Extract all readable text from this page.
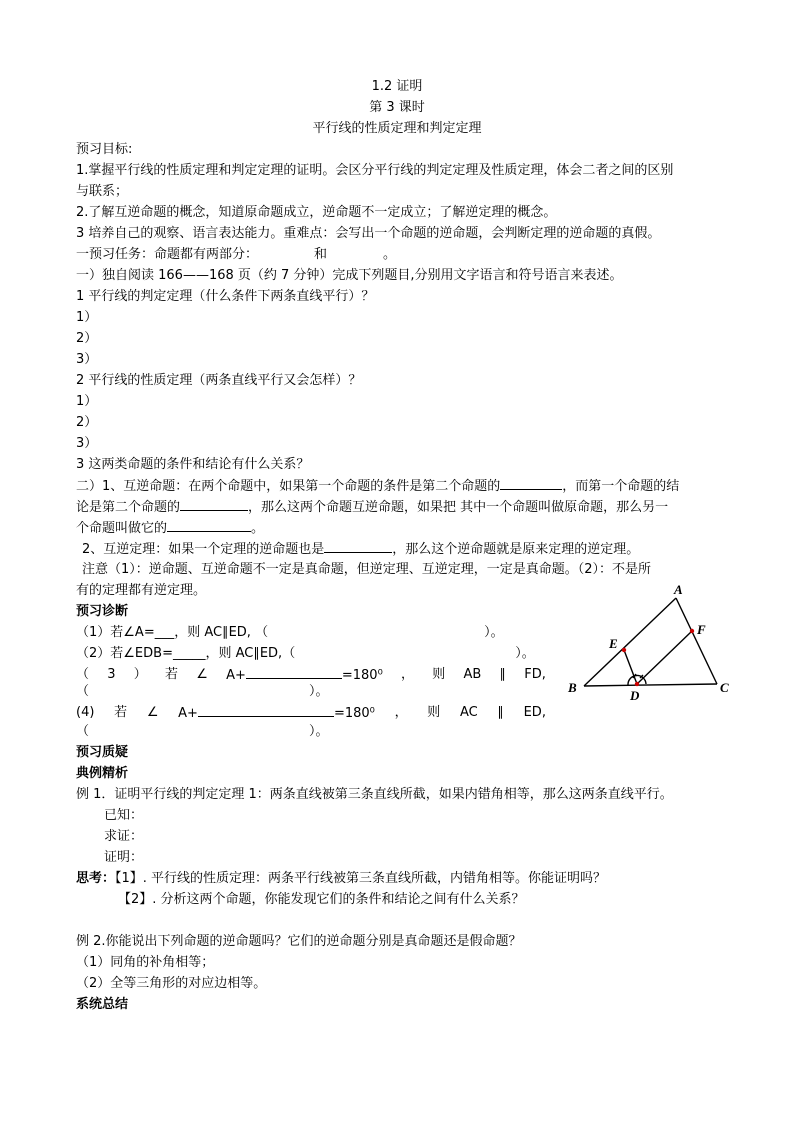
1.2 证明
第 3 课时
平行线的性质定理和判定定理
预习目标:
1.掌握平行线的性质定理和判定定理的证明。会区分平行线的判定定理及性质定理，体会二者之间的区别
与联系；
2.了解互逆命题的概念，知道原命题成立，逆命题不一定成立；了解逆定理的概念。
3 培养自己的观察、语言表达能力。重难点：会写出一个命题的逆命题，会判断定理的逆命题的真假。
一预习任务：命题都有两部分：	和	。
一）独自阅读 166——168 页（约 7 分钟）完成下列题目,分别用文字语言和符号语言来表述。
1 平行线的判定定理（什么条件下两条直线平行）？
1）
2）
3）
2 平行线的性质定理（两条直线平行又会怎样）？
1）
2）
3）
3 这两类命题的条件和结论有什么关系？
二）1、互逆命题：在两个命题中，如果第一个命题的条件是第二个命题的	，而第一个命题的结
论是第二个命题的	，那么这两个命题互逆命题，如果把 其中一个命题叫做原命题，那么另一
个命题叫做它的	。
2、互逆定理：如果一个定理的逆命题也是	，那么这个逆命题就是原来定理的逆定理。
注意（1）：逆命题、互逆命题不一定是真命题，但逆定理、互逆定理，一定是真命题。（2）：不是所
有的定理都有逆定理。
预习诊断
（1）若∠A=___，则 AC∥ED, （	）。
（2）若∠EDB=_____，则 AC∥ED,（	）。
（ 3 ） 若 ∠ A+	=180⁰ ， 则 AB ∥ FD,
（	）。
(4) 若 ∠ A+	=180⁰ ， 则 AC ∥ ED,
（	）。
A
F
E
B
D
C
预习质疑
典例精析
例 1．证明平行线的判定定理 1：两条直线被第三条直线所截，如果内错角相等，那么这两条直线平行。
已知：
求证：
证明：
思考：【1】. 平行线的性质定理：两条平行线被第三条直线所截，内错角相等。你能证明吗？
【2】. 分析这两个命题，你能发现它们的条件和结论之间有什么关系？
例 2.你能说出下列命题的逆命题吗？它们的逆命题分别是真命题还是假命题？
（1）同角的补角相等；
（2）全等三角形的对应边相等。
系统总结
